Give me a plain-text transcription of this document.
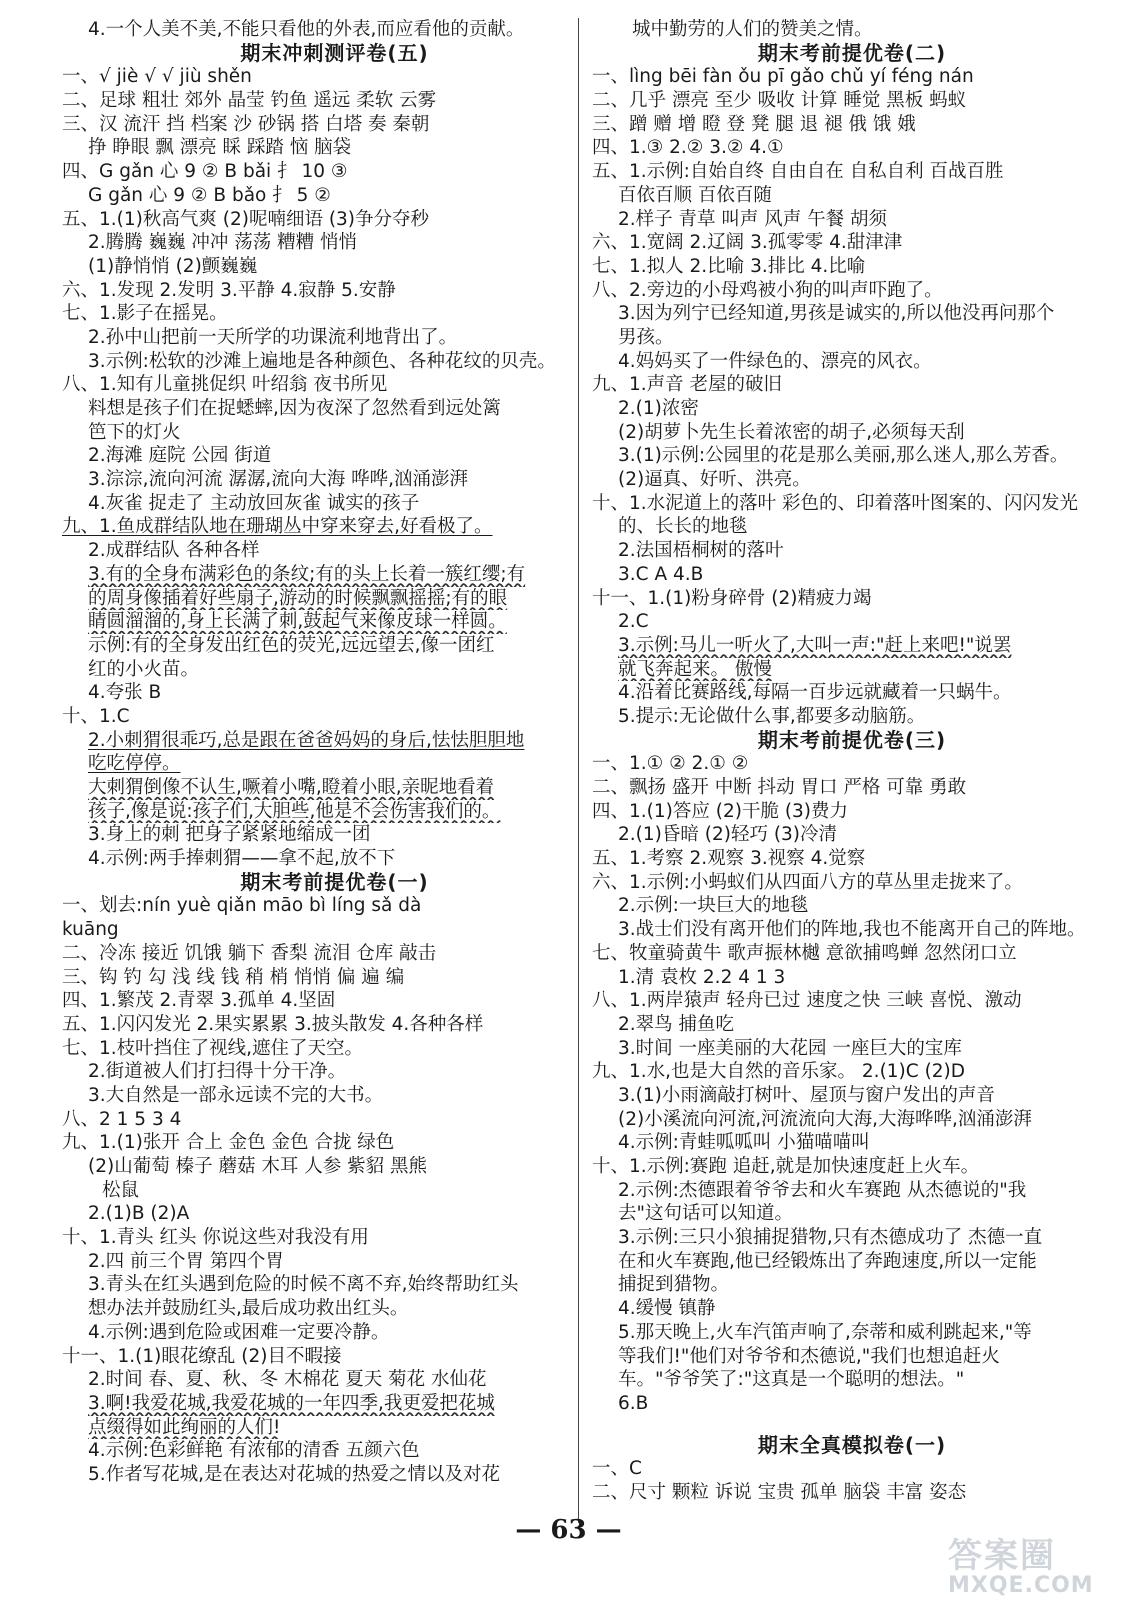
4.一个人美不美,不能只看他的外表,而应看他的贡献。
期末冲刺测评卷(五)
一、√ jiè √ √ jiù shěn
二、足球 粗壮 郊外 晶莹 钓鱼 遥远 柔软 云雾
三、汉 流汗 挡 档案 沙 砂锅 搭 白塔 奏 秦朝
挣 睁眼 飘 漂亮 睬 踩踏 恼 脑袋
四、G gǎn 心 9 ② B bǎi 扌 10 ③
G gǎn 心 9 ② B bǎo 扌 5 ②
五、1.(1)秋高气爽 (2)呢喃细语 (3)争分夺秒
2.腾腾 巍巍 冲冲 荡荡 糟糟 悄悄
(1)静悄悄 (2)颤巍巍
六、1.发现 2.发明 3.平静 4.寂静 5.安静
七、1.影子在摇晃。
2.孙中山把前一天所学的功课流利地背出了。
3.示例:松软的沙滩上遍地是各种颜色、各种花纹的贝壳。
八、1.知有儿童挑促织 叶绍翁 夜书所见
料想是孩子们在捉蟋蟀,因为夜深了忽然看到远处篱
笆下的灯火
2.海滩 庭院 公园 街道
3.淙淙,流向河流 潺潺,流向大海 哗哗,汹涌澎湃
4.灰雀 捉走了 主动放回灰雀 诚实的孩子
九、1.鱼成群结队地在珊瑚丛中穿来穿去,好看极了。
2.成群结队 各种各样
3.有的全身布满彩色的条纹;有的头上长着一簇红缨;有
的周身像插着好些扇子,游动的时候飘飘摇摇;有的眼
睛圆溜溜的,身上长满了刺,鼓起气来像皮球一样圆。
示例:有的全身发出红色的荧光,远远望去,像一团红
红的小火苗。
4.夸张 B
十、1.C
2.小刺猬很乖巧,总是跟在爸爸妈妈的身后,怯怯胆胆地
吃吃停停。
大刺猬倒像不认生,噘着小嘴,瞪着小眼,亲昵地看着
孩子,像是说:孩子们,大胆些,他是不会伤害我们的。
3.身上的刺 把身子紧紧地缩成一团
4.示例:两手捧刺猬——拿不起,放不下
期末考前提优卷(一)
一、划去:nín yuè qiǎn māo bì líng sǎ dà
kuāng
二、冷冻 接近 饥饿 躺下 香梨 流泪 仓库 敲击
三、钩 钓 勾 浅 线 钱 稍 梢 悄悄 偏 遍 编
四、1.繁茂 2.青翠 3.孤单 4.坚固
五、1.闪闪发光 2.果实累累 3.披头散发 4.各种各样
七、1.枝叶挡住了视线,遮住了天空。
2.街道被人们打扫得十分干净。
3.大自然是一部永远读不完的大书。
八、2 1 5 3 4
九、1.(1)张开 合上 金色 金色 合拢 绿色
(2)山葡萄 榛子 蘑菇 木耳 人参 紫貂 黑熊
松鼠
2.(1)B (2)A
十、1.青头 红头 你说这些对我没有用
2.四 前三个胃 第四个胃
3.青头在红头遇到危险的时候不离不弃,始终帮助红头
想办法并鼓励红头,最后成功救出红头。
4.示例:遇到危险或困难一定要冷静。
十一、1.(1)眼花缭乱 (2)目不暇接
2.时间 春、夏、秋、冬 木棉花 夏天 菊花 水仙花
3.啊!我爱花城,我爱花城的一年四季,我更爱把花城
点缀得如此绚丽的人们!
4.示例:色彩鲜艳 有浓郁的清香 五颜六色
5.作者写花城,是在表达对花城的热爱之情以及对花
城中勤劳的人们的赞美之情。
期末考前提优卷(二)
一、lìng bēi fàn ǒu pī gǎo chǔ yí féng nán
二、几乎 漂亮 至少 吸收 计算 睡觉 黑板 蚂蚁
三、蹭 赠 增 瞪 登 凳 腿 退 褪 俄 饿 娥
四、1.③ 2.② 3.② 4.①
五、1.示例:自始自终 自由自在 自私自利 百战百胜
百依百顺 百依百随
2.样子 青草 叫声 风声 午餐 胡须
六、1.宽阔 2.辽阔 3.孤零零 4.甜津津
七、1.拟人 2.比喻 3.排比 4.比喻
八、2.旁边的小母鸡被小狗的叫声吓跑了。
3.因为列宁已经知道,男孩是诚实的,所以他没再问那个
男孩。
4.妈妈买了一件绿色的、漂亮的风衣。
九、1.声音 老屋的破旧
2.(1)浓密
(2)胡萝卜先生长着浓密的胡子,必须每天刮
3.(1)示例:公园里的花是那么美丽,那么迷人,那么芳香。
(2)逼真、好听、洪亮。
十、1.水泥道上的落叶 彩色的、印着落叶图案的、闪闪发光
的、长长的地毯
2.法国梧桐树的落叶
3.C A 4.B
十一、1.(1)粉身碎骨 (2)精疲力竭
2.C
3.示例:马儿一听火了,大叫一声:"赶上来吧!"说罢
就飞奔起来。 傲慢
4.沿着比赛路线,每隔一百步远就藏着一只蜗牛。
5.提示:无论做什么事,都要多动脑筋。
期末考前提优卷(三)
一、1.① ② 2.① ②
二、飘扬 盛开 中断 抖动 胃口 严格 可靠 勇敢
四、1.(1)答应 (2)干脆 (3)费力
2.(1)昏暗 (2)轻巧 (3)冷清
五、1.考察 2.观察 3.视察 4.觉察
六、1.示例:小蚂蚁们从四面八方的草丛里走拢来了。
2.示例:一块巨大的地毯
3.战士们没有离开他们的阵地,我也不能离开自己的阵地。
七、牧童骑黄牛 歌声振林樾 意欲捕鸣蝉 忽然闭口立
1.清 袁枚 2.2 4 1 3
八、1.两岸猿声 轻舟已过 速度之快 三峡 喜悦、激动
2.翠鸟 捕鱼吃
3.时间 一座美丽的大花园 一座巨大的宝库
九、1.水,也是大自然的音乐家。 2.(1)C (2)D
3.(1)小雨滴敲打树叶、屋顶与窗户发出的声音
(2)小溪流向河流,河流流向大海,大海哗哗,汹涌澎湃
4.示例:青蛙呱呱叫 小猫喵喵叫
十、1.示例:赛跑 追赶,就是加快速度赶上火车。
2.示例:杰德跟着爷爷去和火车赛跑 从杰德说的"我
去"这句话可以知道。
3.示例:三只小狼捕捉猎物,只有杰德成功了 杰德一直
在和火车赛跑,他已经锻炼出了奔跑速度,所以一定能
捕捉到猎物。
4.缓慢 镇静
5.那天晚上,火车汽笛声响了,奈蒂和威利跳起来,"等
等我们!"他们对爷爷和杰德说,"我们也想追赶火
车。"爷爷笑了:"这真是一个聪明的想法。"
6.B
期末全真模拟卷(一)
一、C
二、尺寸 颗粒 诉说 宝贵 孤单 脑袋 丰富 姿态
— 63 —
答案圈
MXQE.COM
